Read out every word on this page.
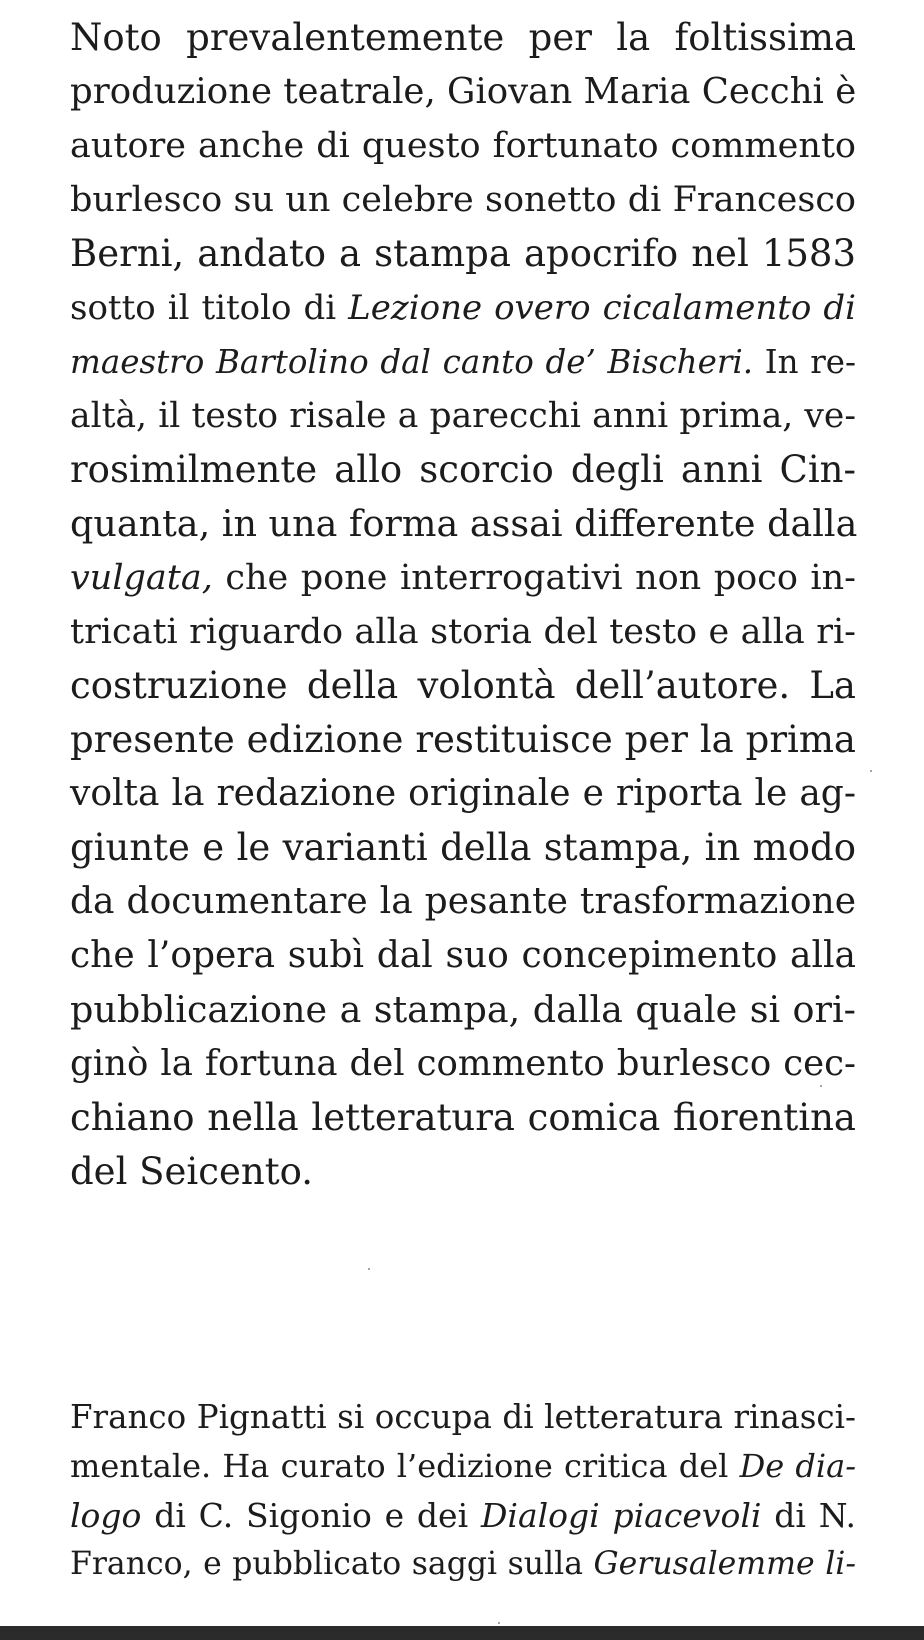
Noto prevalentemente per la foltissima
produzione teatrale, Giovan Maria Cecchi è
autore anche di questo fortunato commento
burlesco su un celebre sonetto di Francesco
Berni, andato a stampa apocrifo nel 1583
sotto il titolo di Lezione overo cicalamento di
maestro Bartolino dal canto de’ Bischeri. In re-
altà, il testo risale a parecchi anni prima, ve-
rosimilmente allo scorcio degli anni Cin-
quanta, in una forma assai differente dalla
vulgata, che pone interrogativi non poco in-
tricati riguardo alla storia del testo e alla ri-
costruzione della volontà dell’autore. La
presente edizione restituisce per la prima
volta la redazione originale e riporta le ag-
giunte e le varianti della stampa, in modo
da documentare la pesante trasformazione
che l’opera subì dal suo concepimento alla
pubblicazione a stampa, dalla quale si ori-
ginò la fortuna del commento burlesco cec-
chiano nella letteratura comica fiorentina
del Seicento.
Franco Pignatti si occupa di letteratura rinasci-
mentale. Ha curato l’edizione critica del De dia-
logo di C. Sigonio e dei Dialogi piacevoli di N.
Franco, e pubblicato saggi sulla Gerusalemme li-
